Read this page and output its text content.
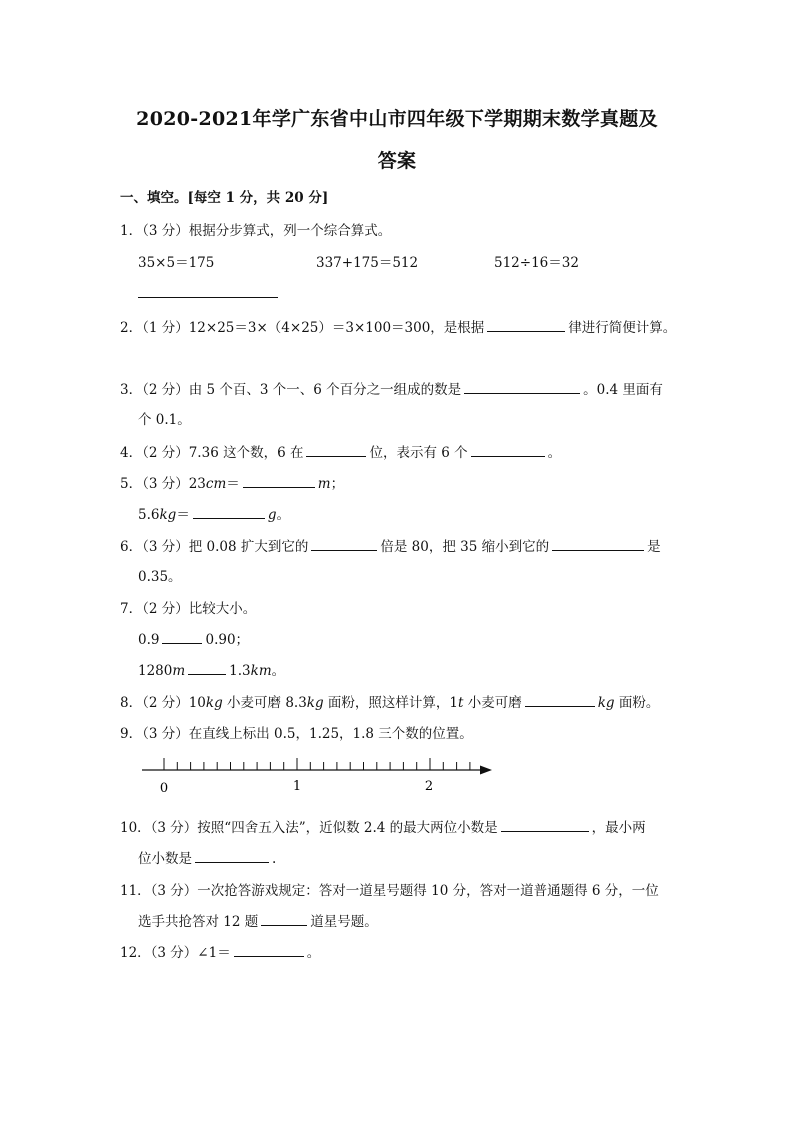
2020-2021年学广东省中山市四年级下学期期末数学真题及
答案
一、填空。[每空 1 分，共 20 分]
1．（3 分）根据分步算式，列一个综合算式。
35×5＝175	337+175＝512	512÷16＝32
2．（1 分）12×25＝3×（4×25）＝3×100＝300，是根据	律进行简便计算。
3．（2 分）由 5 个百、3 个一、6 个百分之一组成的数是	。0.4 里面有
个 0.1。
4．（2 分）7.36 这个数，6 在	位，表示有 6 个	。
5．（3 分）23cm＝	m；
5.6kg＝	g。
6．（3 分）把 0.08 扩大到它的	倍是 80，把 35 缩小到它的	是
0.35。
7．（2 分）比较大小。
0.9	0.90；
1280m	1.3km。
8．（2 分）10kg 小麦可磨 8.3kg 面粉，照这样计算，1t 小麦可磨	kg 面粉。
9．（3 分）在直线上标出 0.5，1.25，1.8 三个数的位置。
0	1	2
10．（3 分）按照“四舍五入法”，近似数 2.4 的最大两位小数是	，最小两
位小数是	.
11．（3 分）一次抢答游戏规定：答对一道星号题得 10 分，答对一道普通题得 6 分，一位
选手共抢答对 12 题	道星号题。
12．（3 分）∠1＝	。
